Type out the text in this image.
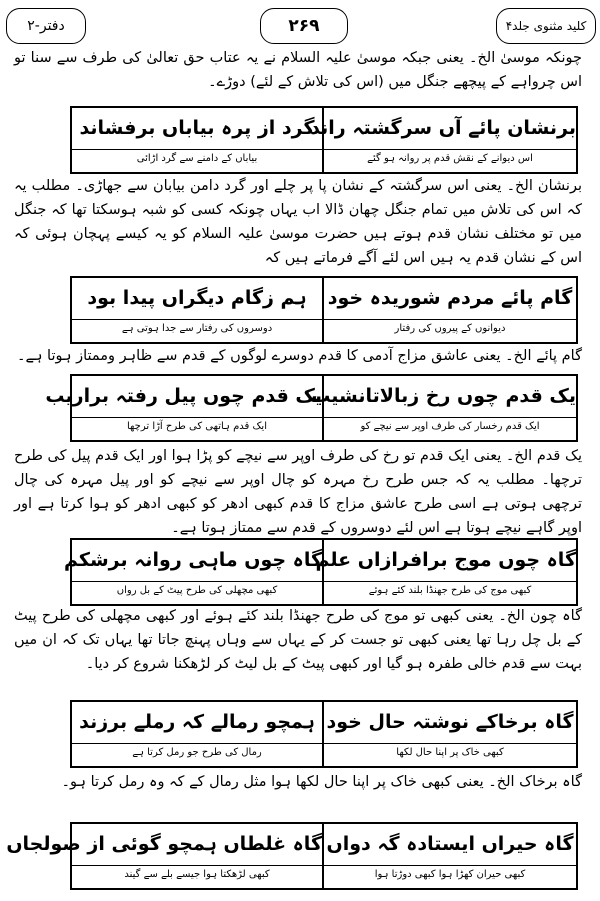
دفتر-۲	۲۶۹	کلید مثنوی جلد۴
چونکہ موسیٰ الخ۔ یعنی جبکہ موسیٰ علیہ السلام نے یہ عتاب حق تعالیٰ کی طرف سے سنا تو اس چرواہے کے پیچھے جنگل میں (اس کی تلاش کے لئے) دوڑے۔
برنشان پائے آں سرگشتہ راند
اس دیوانے کے نقش قدم پر روانہ ہو گئے
گرد از پرہ بیاباں برفشاند
بیاباں کے دامنے سے گرد اڑائی
برنشان الخ۔ یعنی اس سرگشتہ کے نشان پا پر چلے اور گرد دامن بیابان سے جھاڑی۔ مطلب یہ کہ اس کی تلاش میں تمام جنگل چھان ڈالا اب یہاں چونکہ کسی کو شبہ ہوسکتا تھا کہ جنگل میں تو مختلف نشان قدم ہوتے ہیں حضرت موسیٰ علیہ السلام کو یہ کیسے پہچان ہوئی کہ اس کے نشان قدم یہ ہیں اس لئے آگے فرماتے ہیں کہ
گام پائے مردم شوریدہ خود
دیوانوں کے پیروں کی رفتار
ہم زگام دیگراں پیدا بود
دوسروں کی رفتار سے جدا ہوتی ہے
گام پائے الخ۔ یعنی عاشق مزاج آدمی کا قدم دوسرے لوگوں کے قدم سے ظاہر وممتاز ہوتا ہے۔
یک قدم چوں رخ زبالاتانشیب
ایک قدم رخسار کی طرف اوپر سے نیچے کو
یک قدم چوں پیل رفتہ براریب
ایک قدم ہاتھی کی طرح آڑا ترچھا
یک قدم الخ۔ یعنی ایک قدم تو رخ کی طرف اوپر سے نیچے کو پڑا ہوا اور ایک قدم پیل کی طرح ترچھا۔ مطلب یہ کہ جس طرح رخ مہرہ کو چال اوپر سے نیچے کو اور پیل مہرہ کی چال ترچھی ہوتی ہے اسی طرح عاشق مزاج کا قدم کبھی ادھر کو کبھی ادھر کو ہوا کرتا ہے اور اوپر گاہے نیچے ہوتا ہے اس لئے دوسروں کے قدم سے ممتاز ہوتا ہے۔
گاہ چوں موج برافرازاں علم
کبھی موج کی طرح جھنڈا بلند کئے ہوئے
گاہ چوں ماہی روانہ برشکم
کبھی مچھلی کی طرح پیٹ کے بل رواں
گاہ چون الخ۔ یعنی کبھی تو موج کی طرح جھنڈا بلند کئے ہوئے اور کبھی مچھلی کی طرح پیٹ کے بل چل رہا تھا یعنی کبھی تو جست کر کے یہاں سے وہاں پہنچ جاتا تھا یہاں تک کہ ان میں بہت سے قدم خالی طفرہ ہو گیا اور کبھی پیٹ کے بل لیٹ کر لڑھکنا شروع کر دیا۔
گاہ برخاکے نوشتہ حال خود
کبھی خاک پر اپنا حال لکھا
ہمچو رمالے کہ رملے برزند
رمال کی طرح جو رمل کرتا ہے
گاہ برخاک الخ۔ یعنی کبھی خاک پر اپنا حال لکھا ہوا مثل رمال کے کہ وہ رمل کرتا ہو۔
گاہ حیراں ایستادہ گہ دواں
کبھی حیران کھڑا ہوا کبھی دوڑتا ہوا
گاہ غلطاں ہمچو گوئی از صولجاں
کبھی لڑھکتا ہوا جیسے بلے سے گیند
